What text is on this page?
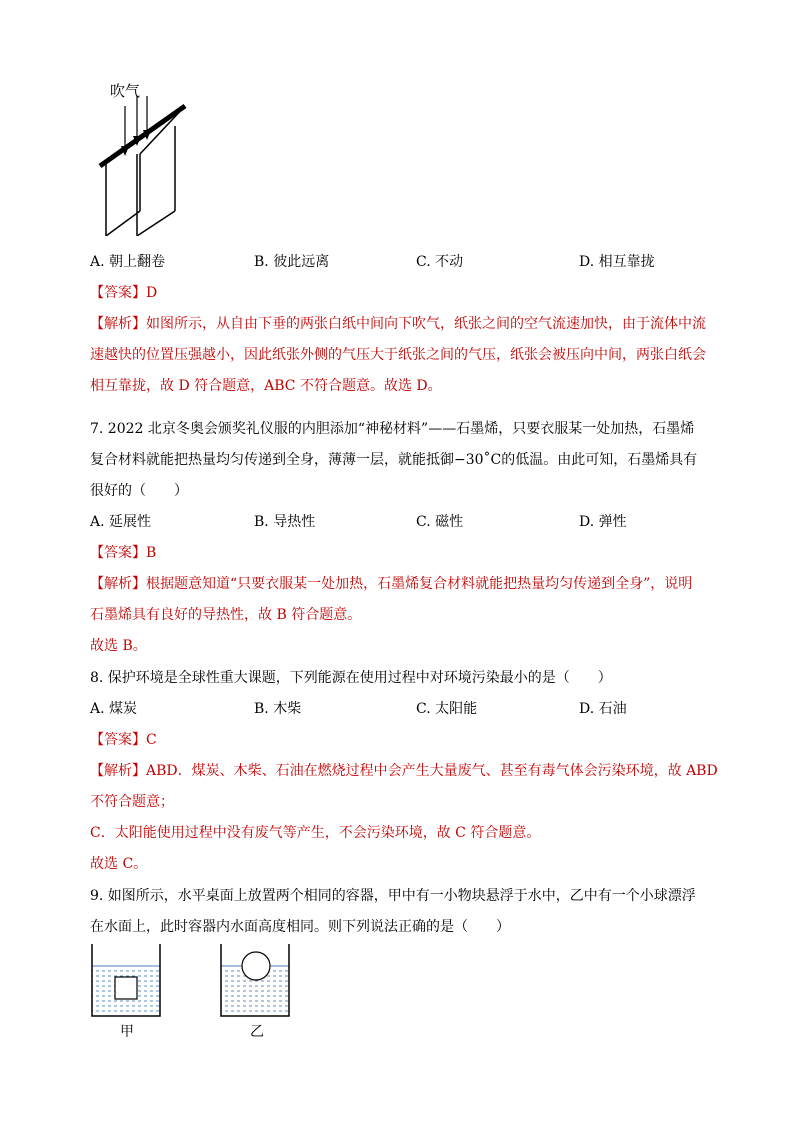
吹气
A. 朝上翻卷	B. 彼此远离	C. 不动	D. 相互靠拢
【答案】D
【解析】如图所示，从自由下垂的两张白纸中间向下吹气，纸张之间的空气流速加快，由于流体中流
速越快的位置压强越小，因此纸张外侧的气压大于纸张之间的气压，纸张会被压向中间，两张白纸会
相互靠拢，故 D 符合题意，ABC 不符合题意。故选 D。
7. 2022 北京冬奥会颁奖礼仪服的内胆添加“神秘材料”——石墨烯，只要衣服某一处加热，石墨烯
复合材料就能把热量均匀传递到全身，薄薄一层，就能抵御−30˚C的低温。由此可知，石墨烯具有
很好的（　　）
A. 延展性	B. 导热性	C. 磁性	D. 弹性
【答案】B
【解析】根据题意知道“只要衣服某一处加热，石墨烯复合材料就能把热量均匀传递到全身”，说明
石墨烯具有良好的导热性，故 B 符合题意。
故选 B。
8. 保护环境是全球性重大课题，下列能源在使用过程中对环境污染最小的是（　　）
A. 煤炭	B. 木柴	C. 太阳能	D. 石油
【答案】C
【解析】ABD．煤炭、木柴、石油在燃烧过程中会产生大量废气、甚至有毒气体会污染环境，故 ABD
不符合题意；
C．太阳能使用过程中没有废气等产生，不会污染环境，故 C 符合题意。
故选 C。
9. 如图所示，水平桌面上放置两个相同的容器，甲中有一小物块悬浮于水中，乙中有一个小球漂浮
在水面上，此时容器内水面高度相同。则下列说法正确的是（　　）
甲	乙
